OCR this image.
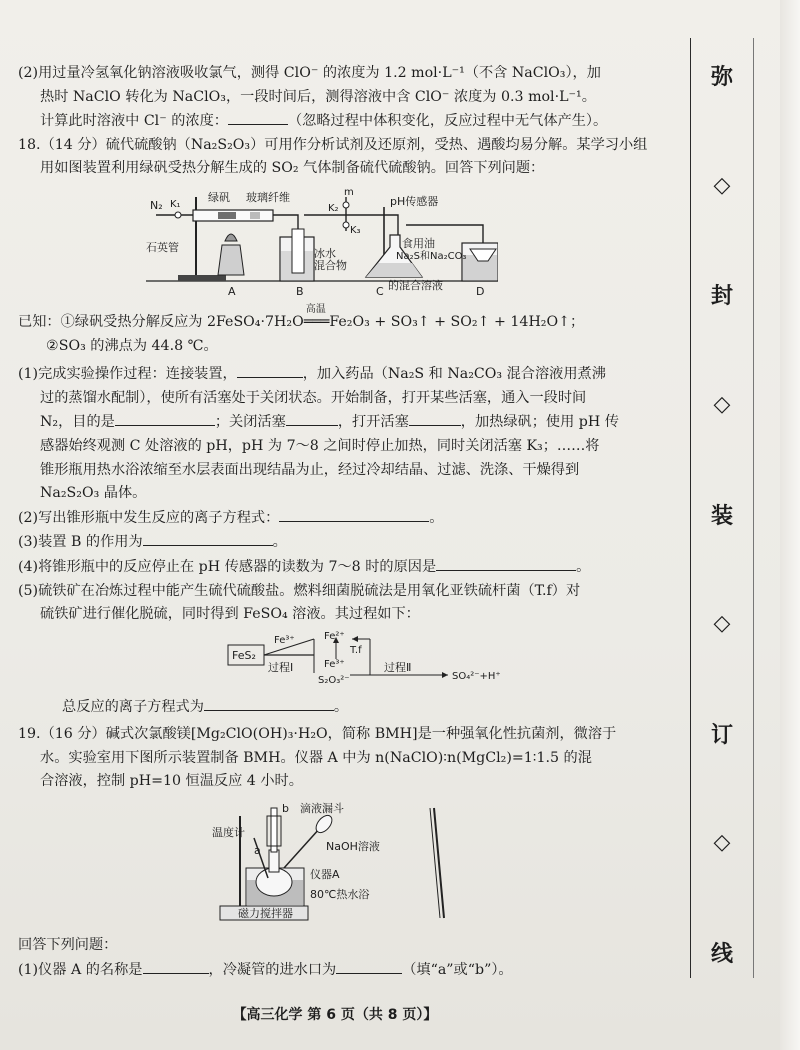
(2)用过量冷氢氧化钠溶液吸收氯气，测得 ClO⁻ 的浓度为 1.2 mol·L⁻¹（不含 NaClO₃），加

热时 NaClO 转化为 NaClO₃，一段时间后，测得溶液中含 ClO⁻ 浓度为 0.3 mol·L⁻¹。

计算此时溶液中 Cl⁻ 的浓度：	（忽略过程中体积变化，反应过程中无气体产生）。

18.（14 分）硫代硫酸钠（Na₂S₂O₃）可用作分析试剂及还原剂，受热、遇酸均易分解。某学习小组

用如图装置利用绿矾受热分解生成的 SO₂ 气体制备硫代硫酸钠。回答下列问题：

N₂ K₁
绿矾 玻璃纤维
石英管
K₂
m
K₃
pH传感器
冰水
混合物
食用油
Na₂S和Na₂CO₃
的混合溶液
A	B	C	D

已知：①绿矾受热分解反应为 2FeSO₄·7H₂O
高温
═══Fe₂O₃ + SO₃↑ + SO₂↑ + 14H₂O↑；

②SO₃ 的沸点为 44.8 ℃。

(1)完成实验操作过程：连接装置，	，加入药品（Na₂S 和 Na₂CO₃ 混合溶液用煮沸

过的蒸馏水配制），使所有活塞处于关闭状态。开始制备，打开某些活塞，通入一段时间

N₂，目的是	；关闭活塞	，打开活塞	，加热绿矾；使用 pH 传

感器始终观测 C 处溶液的 pH，pH 为 7～8 之间时停止加热，同时关闭活塞 K₃；……将

锥形瓶用热水浴浓缩至水层表面出现结晶为止，经过冷却结晶、过滤、洗涤、干燥得到

Na₂S₂O₃ 晶体。

(2)写出锥形瓶中发生反应的离子方程式：	。

(3)装置 B 的作用为	。

(4)将锥形瓶中的反应停止在 pH 传感器的读数为 7～8 时的原因是	。

(5)硫铁矿在冶炼过程中能产生硫代硫酸盐。燃料细菌脱硫法是用氧化亚铁硫杆菌（T.f）对

硫铁矿进行催化脱硫，同时得到 FeSO₄ 溶液。其过程如下：

FeS₂
Fe³⁺	Fe²⁺
Fe³⁺
S₂O₃²⁻
T.f
过程Ⅰ	过程Ⅱ
SO₄²⁻+H⁺

总反应的离子方程式为	。

19.（16 分）碱式次氯酸镁[Mg₂ClO(OH)₃·H₂O，简称 BMH]是一种强氧化性抗菌剂，微溶于

水。实验室用下图所示装置制备 BMH。仪器 A 中为 n(NaClO)∶n(MgCl₂)=1∶1.5 的混

合溶液，控制 pH=10 恒温反应 4 小时。

b
a
温度计
滴液漏斗
NaOH溶液
仪器A
80℃热水浴
磁力搅拌器

回答下列问题：

(1)仪器 A 的名称是	，冷凝管的进水口为	（填“a”或“b”）。

【高三化学 第 6 页（共 8 页）】
弥
◇
封
◇
装
◇
订
◇
线
